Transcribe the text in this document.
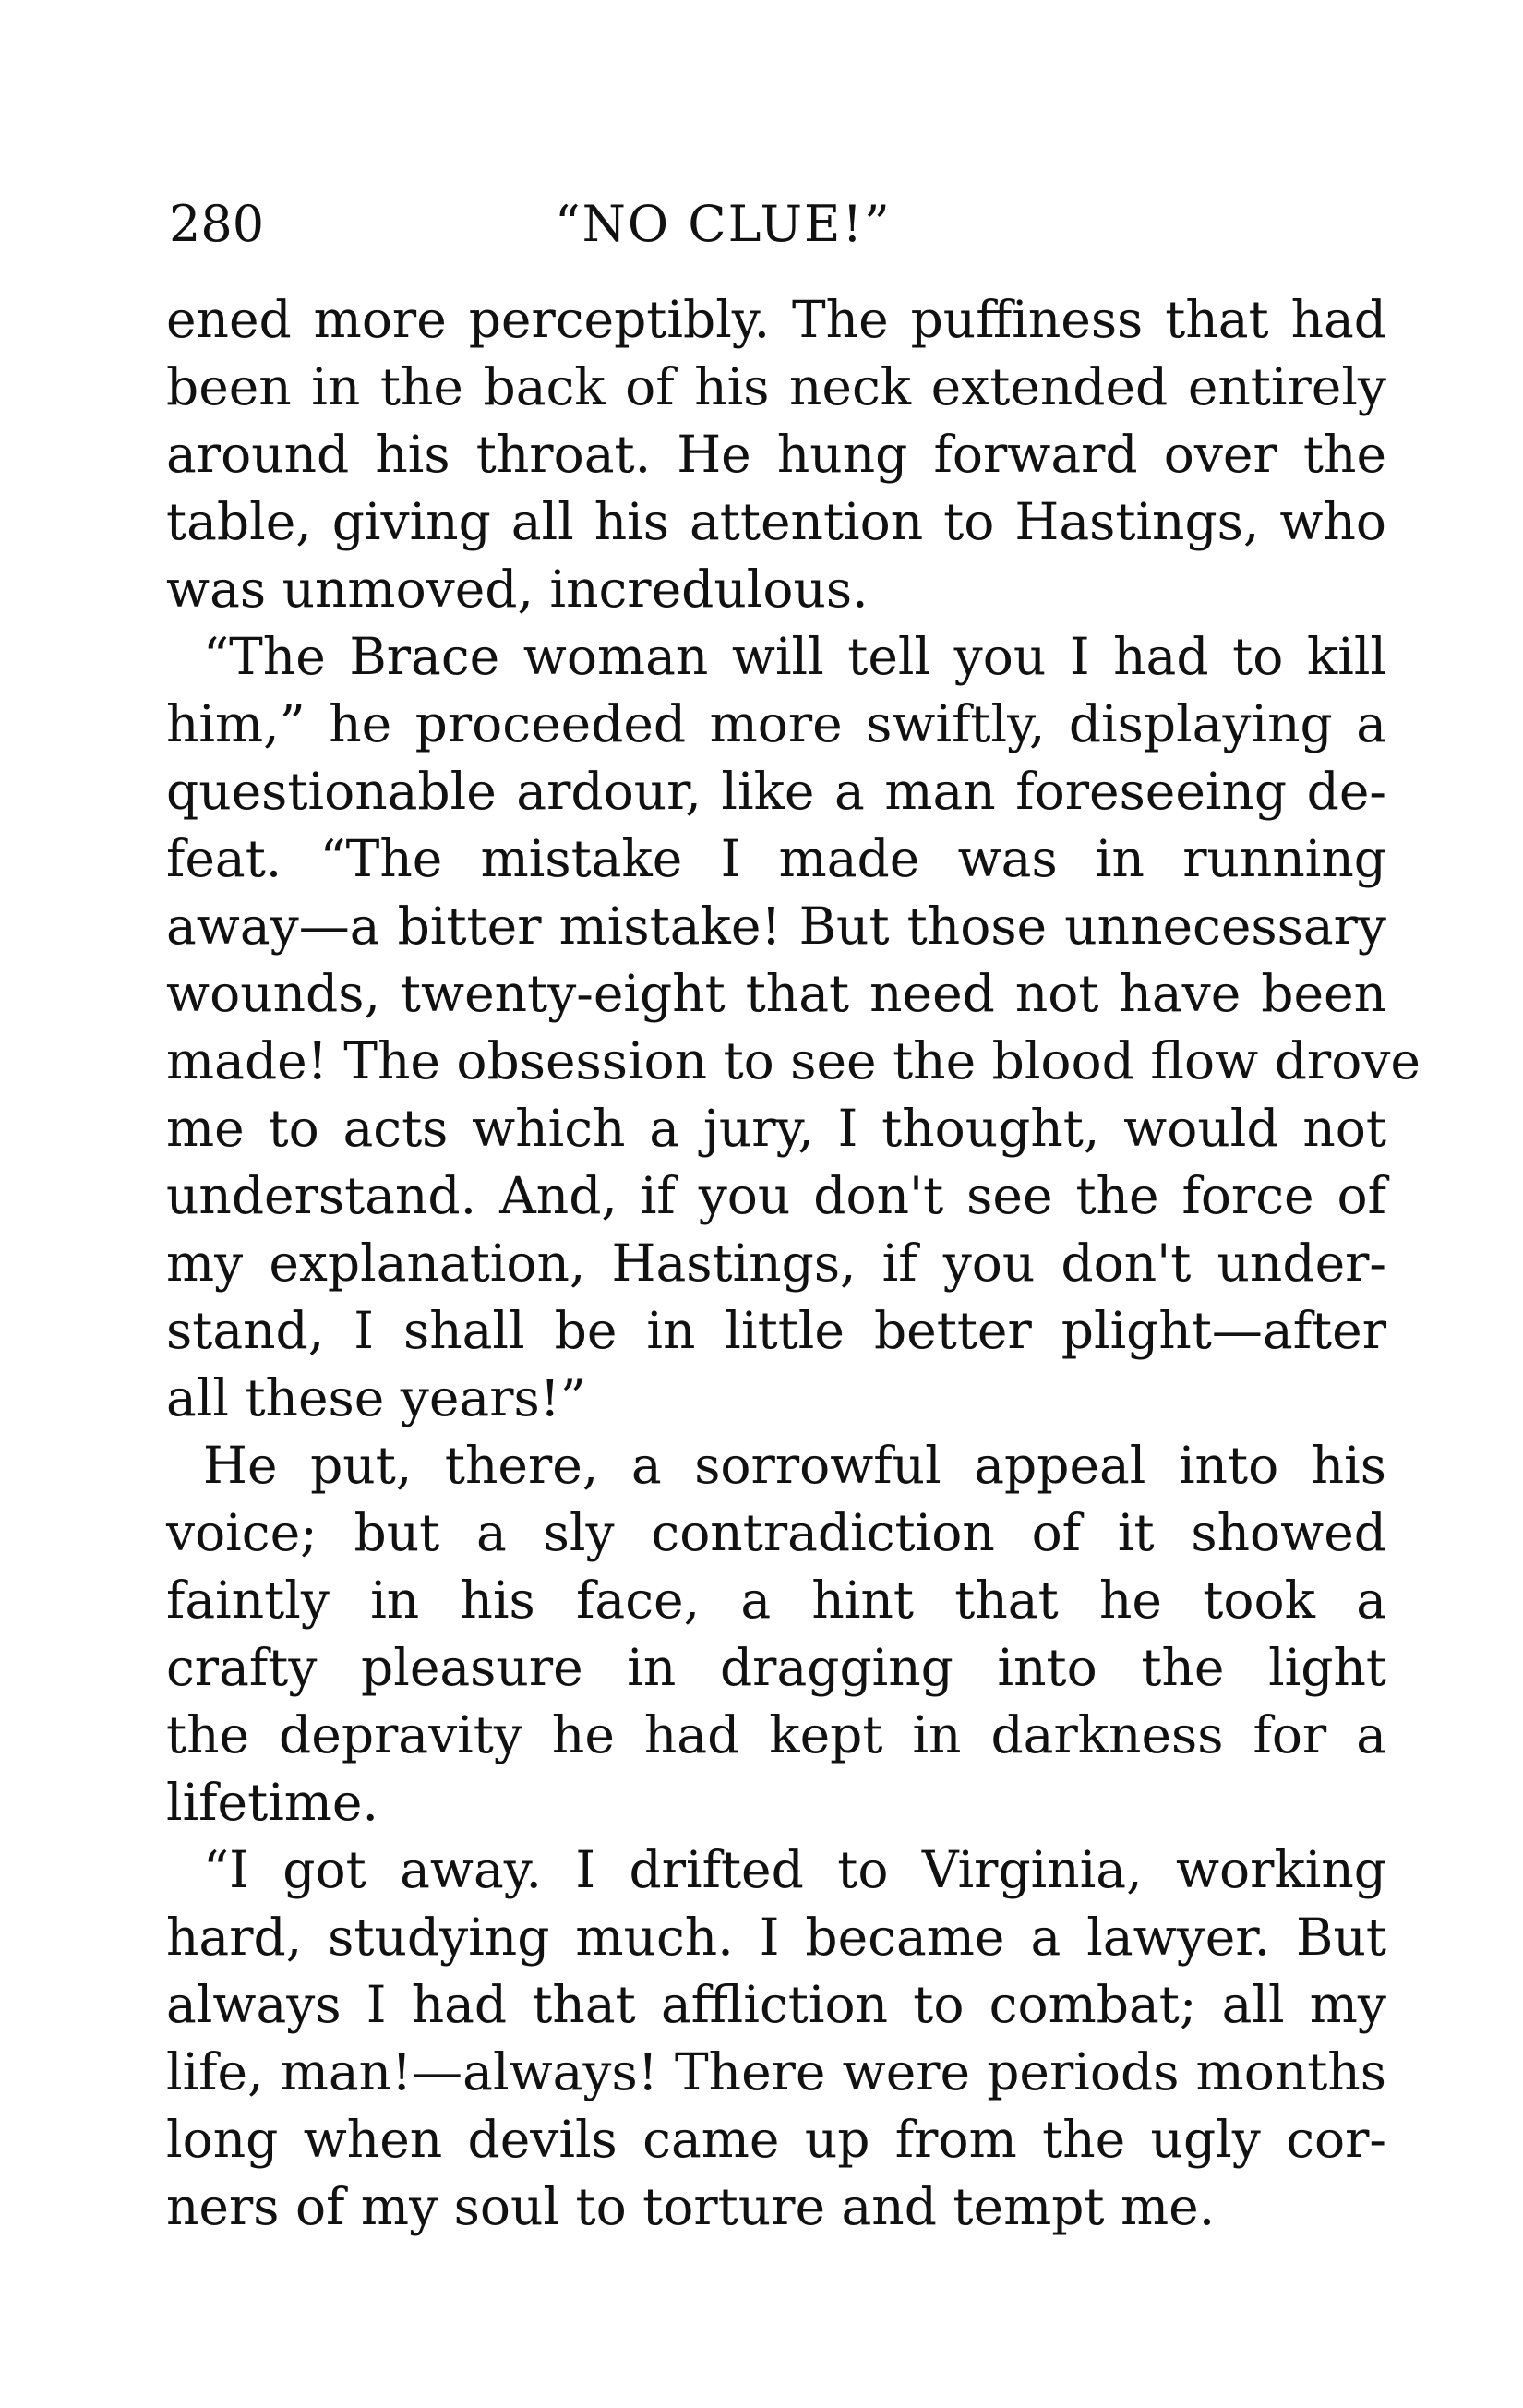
280	“NO CLUE!”
ened more perceptibly. The puffiness that had
been in the back of his neck extended entirely
around his throat. He hung forward over the
table, giving all his attention to Hastings, who
was unmoved, incredulous.
“The Brace woman will tell you I had to kill
him,” he proceeded more swiftly, displaying a
questionable ardour, like a man foreseeing de-
feat. “The mistake I made was in running
away—a bitter mistake! But those unnecessary
wounds, twenty-eight that need not have been
made! The obsession to see the blood flow drove
me to acts which a jury, I thought, would not
understand. And, if you don't see the force of
my explanation, Hastings, if you don't under-
stand, I shall be in little better plight—after
all these years!”
He put, there, a sorrowful appeal into his
voice; but a sly contradiction of it showed
faintly in his face, a hint that he took a
crafty pleasure in dragging into the light
the depravity he had kept in darkness for a
lifetime.
“I got away. I drifted to Virginia, working
hard, studying much. I became a lawyer. But
always I had that affliction to combat; all my
life, man!—always! There were periods months
long when devils came up from the ugly cor-
ners of my soul to torture and tempt me.
